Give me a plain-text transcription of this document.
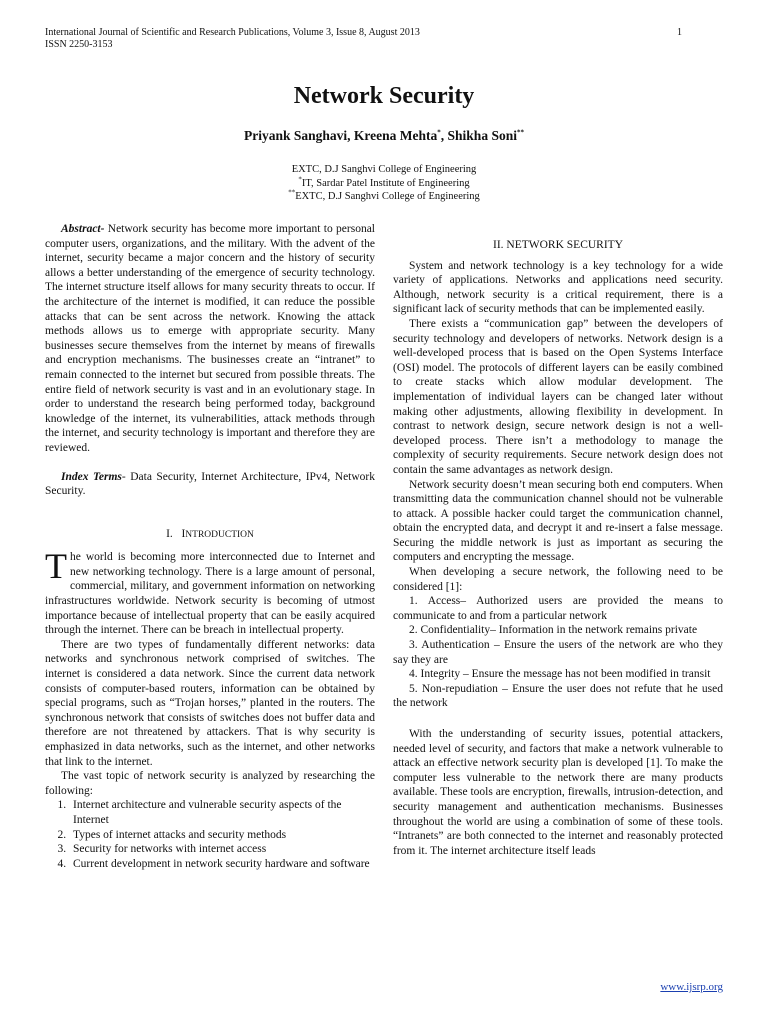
International Journal of Scientific and Research Publications, Volume 3, Issue 8, August 2013
ISSN 2250-3153
1
Network Security
Priyank Sanghavi, Kreena Mehta*, Shikha Soni**
EXTC, D.J Sanghvi College of Engineering
*IT, Sardar Patel Institute of Engineering
**EXTC, D.J Sanghvi College of Engineering

Abstract- Network security has become more important to personal computer users, organizations, and the military. With the advent of the internet, security became a major concern and the history of security allows a better understanding of the emergence of security technology. The internet structure itself allows for many security threats to occur. If the architecture of the internet is modified, it can reduce the possible attacks that can be sent across the network. Knowing the attack methods allows us to emerge with appropriate security. Many businesses secure themselves from the internet by means of firewalls and encryption mechanisms. The businesses create an “intranet” to remain connected to the internet but secured from possible threats. The entire field of network security is vast and in an evolutionary stage. In order to understand the research being performed today, background knowledge of the internet, its vulnerabilities, attack methods through the internet, and security technology is important and therefore they are reviewed.

Index Terms- Data Security, Internet Architecture, IPv4, Network Security.

I. INTRODUCTION

The world is becoming more interconnected due to Internet and new networking technology. There is a large amount of personal, commercial, military, and government information on networking infrastructures worldwide. Network security is becoming of utmost importance because of intellectual property that can be easily acquired through the internet. There can be breach in intellectual property.

There are two types of fundamentally different networks: data networks and synchronous network comprised of switches. The internet is considered a data network. Since the current data network consists of computer-based routers, information can be obtained by special programs, such as “Trojan horses,” planted in the routers. The synchronous network that consists of switches does not buffer data and therefore are not threatened by attackers. That is why security is emphasized in data networks, such as the internet, and other networks that link to the internet.

The vast topic of network security is analyzed by researching the following:

1. Internet architecture and vulnerable security aspects of the Internet
2. Types of internet attacks and security methods
3. Security for networks with internet access
4. Current development in network security hardware and software

II. NETWORK SECURITY

System and network technology is a key technology for a wide variety of applications. Networks and applications need security. Although, network security is a critical requirement, there is a significant lack of security methods that can be implemented easily.

There exists a “communication gap” between the developers of security technology and developers of networks. Network design is a well-developed process that is based on the Open Systems Interface (OSI) model. The protocols of different layers can be easily combined to create stacks which allow modular development. The implementation of individual layers can be changed later without making other adjustments, allowing flexibility in development. In contrast to network design, secure network design is not a well-developed process. There isn’t a methodology to manage the complexity of security requirements. Secure network design does not contain the same advantages as network design.

Network security doesn’t mean securing both end computers. When transmitting data the communication channel should not be vulnerable to attack. A possible hacker could target the communication channel, obtain the encrypted data, and decrypt it and re-insert a false message. Securing the middle network is just as important as securing the computers and encrypting the message.

When developing a secure network, the following need to be considered [1]:

1. Access– Authorized users are provided the means to communicate to and from a particular network

2. Confidentiality– Information in the network remains private

3. Authentication – Ensure the users of the network are who they say they are

4. Integrity – Ensure the message has not been modified in transit

5. Non-repudiation – Ensure the user does not refute that he used the network

With the understanding of security issues, potential attackers, needed level of security, and factors that make a network vulnerable to attack an effective network security plan is developed [1]. To make the computer less vulnerable to the network there are many products available. These tools are encryption, firewalls, intrusion-detection, and security management and authentication mechanisms. Businesses throughout the world are using a combination of some of these tools. “Intranets” are both connected to the internet and reasonably protected from it. The internet architecture itself leads

www.ijsrp.org
